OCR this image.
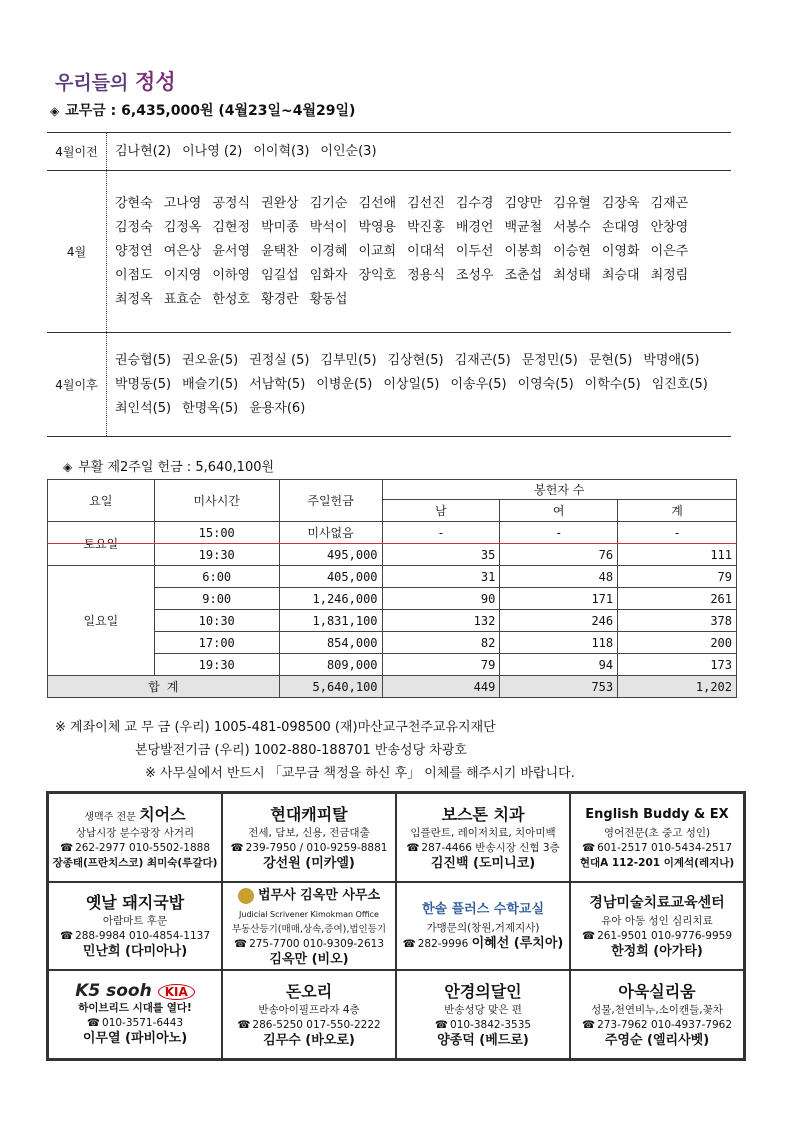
우리들의 정성
◈ 교무금 : 6,435,000원 (4월23일~4월29일)
4월이전	김나현(2) 이나영 (2) 이이혁(3) 이인순(3)
4월
강현숙 고나영 공정식 권완상 김기순 김선애 김선진 김수경 김양만 김유혈 김장욱 김재곤
김정숙 김정옥 김현정 박미종 박석이 박영용 박진홍 배경언 백균철 서봉수 손대영 안창영
양정연 여은상 윤서영 윤택찬 이경혜 이교희 이대석 이두선 이봉희 이승현 이영화 이은주
이점도 이지영 이하영 임길섭 임화자 장익호 정용식 조성우 조춘섭 최성태 최승대 최정림
최정옥 표효순 한성호 황경란 황동섭
4월이후
권승협(5) 권오윤(5) 권정실 (5) 김부민(5) 김상현(5) 김재곤(5) 문정민(5) 문현(5) 박명애(5)
박명동(5) 배슬기(5) 서남학(5) 이병운(5) 이상일(5) 이송우(5) 이영숙(5) 이학수(5) 임진호(5)
최인석(5) 한명옥(5) 윤용자(6)
◈ 부활 제2주일 헌금 : 5,640,100원
요일	미사시간	주일헌금	봉헌자 수		
			남	여	계
토요일	15:00	미사없음	-	-	-
	19:30	495,000	35	76	111
일요일	6:00	405,000	31	48	79
	9:00	1,246,000	90	171	261
	10:30	1,831,100	132	246	378
	17:00	854,000	82	118	200
	19:30	809,000	79	94	173
합 계		5,640,100	449	753	1,202
※ 계좌이체 교 무 금 (우리) 1005-481-098500 (재)마산교구천주교유지재단
본당발전기금 (우리) 1002-880-188701 반송성당 차광호
※ 사무실에서 반드시 「교무금 책정을 하신 후」 이체를 해주시기 바랍니다.
생맥주 전문 치어스
상남시장 분수광장 사거리
☎ 262-2977 010-5502-1888
장종태(프란치스코) 최미숙(루갈다)
현대캐피탈
전세, 담보, 신용, 전금대출
☎ 239-7950 / 010-9259-8881
강선원 (미카엘)
보스톤 치과
임플란트, 레이저치료, 치아미백
☎ 287-4466 반송시장 신협 3층
김진백 (도미니코)
English Buddy & EX
영어전문(초 중고 성인)
☎ 601-2517 010-5434-2517
현대A 112-201 이계석(레지나)
옛날 돼지국밥
아람마트 후문
☎ 288-9984 010-4854-1137
민난희 (다미아나)
법무사 김옥만 사무소
Judicial Scrivener Kimokman Office
부동산등기(매매,상속,증여),법인등기
☎ 275-7700 010-9309-2613
김옥만 (비오)
한솔 플러스 수학교실
가맹문의(창원,거제지사)
☎ 282-9996 이혜선 (루치아)
경남미술치료교육센터
유아 아동 성인 심리치료
☎ 261-9501 010-9776-9959
한정희 (아가타)
K5 sooh KIA
하이브리드 시대를 열다!
☎ 010-3571-6443
이무열 (파비아노)
돈오리
반송아이필프라자 4층
☎ 286-5250 017-550-2222
김무수 (바오로)
안경의달인
반송성당 맞은 편
☎ 010-3842-3535
양종덕 (베드로)
아욱실리움
성물,천연비누,소이캔들,꽃차
☎ 273-7962 010-4937-7962
주영순 (엘리사벳)
